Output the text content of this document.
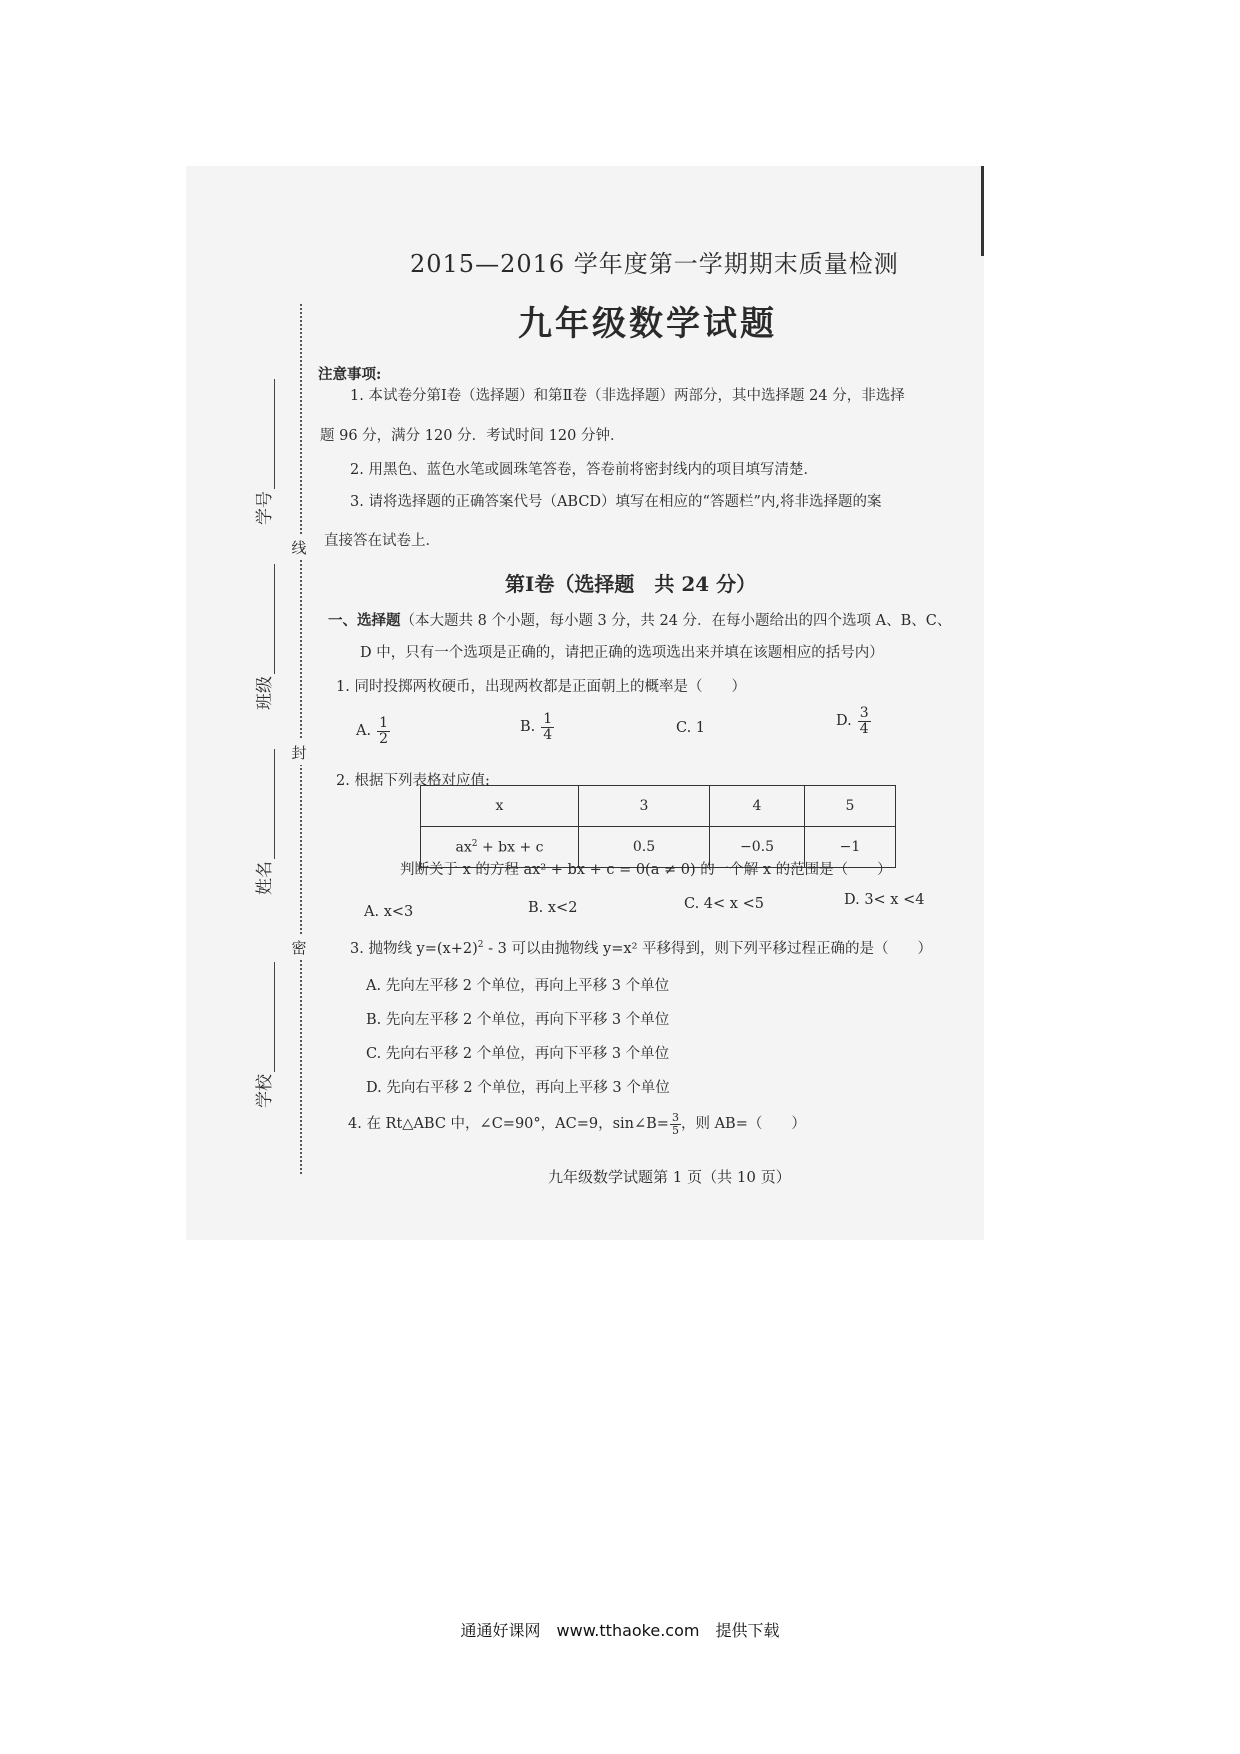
线
封
密
学号
班级
姓名
学校
2015—2016 学年度第一学期期末质量检测
九年级数学试题
注意事项:
1. 本试卷分第Ⅰ卷（选择题）和第Ⅱ卷（非选择题）两部分，其中选择题 24 分，非选择
题 96 分，满分 120 分．考试时间 120 分钟．
2. 用黑色、蓝色水笔或圆珠笔答卷，答卷前将密封线内的项目填写清楚．
3. 请将选择题的正确答案代号（ABCD）填写在相应的“答题栏”内,将非选择题的案
直接答在试卷上．
第Ⅰ卷（选择题　共 24 分）
一、选择题（本大题共 8 个小题，每小题 3 分，共 24 分．在每小题给出的四个选项 A、B、C、
D 中，只有一个选项是正确的，请把正确的选项选出来并填在该题相应的括号内）
1. 同时投掷两枚硬币，出现两枚都是正面朝上的概率是（　　）
A. $\frac{1}{2}$	B. $\frac{1}{4}$	C. 1	D. $\frac{3}{4}$
2. 根据下列表格对应值:
x	3	4	5
$ax^2$ + bx + c	0.5	−0.5	−1
判断关于 x 的方程 ax² + bx + c = 0(a ≠ 0) 的一个解 x 的范围是（　　）
A. x<3	B. x<2	C. 4< x <5	D. 3< x <4
3. 抛物线 $y=(x+2)^2 - 3$ 可以由抛物线 y=x² 平移得到，则下列平移过程正确的是（　　）
A. 先向左平移 2 个单位，再向上平移 3 个单位
B. 先向左平移 2 个单位，再向下平移 3 个单位
C. 先向右平移 2 个单位，再向下平移 3 个单位
D. 先向右平移 2 个单位，再向上平移 3 个单位
4. 在 Rt△ABC 中，∠C=90°，AC=9，sin∠B= $\frac{3}{5}$ ，则 AB=（　　）
九年级数学试题第 1 页（共 10 页）
通通好课网　www.tthaoke.com　提供下载
